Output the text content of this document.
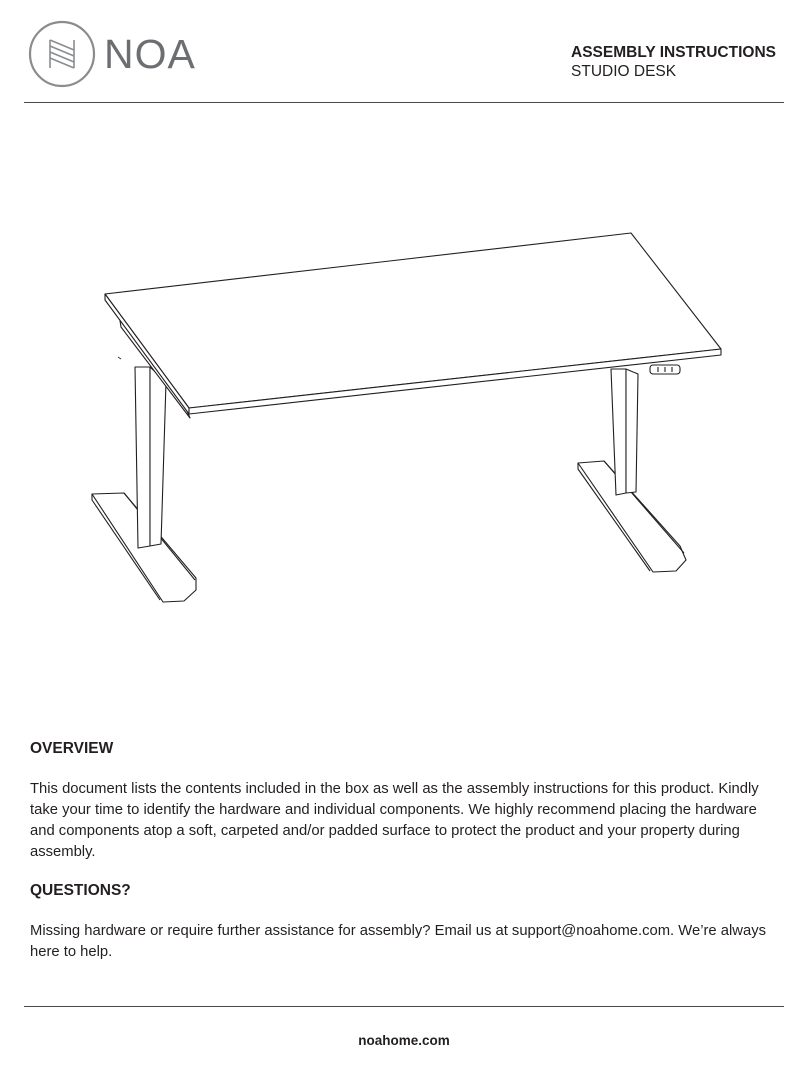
NOA	ASSEMBLY INSTRUCTIONS
STUDIO DESK
OVERVIEW

This document lists the contents included in the box as well as the assembly instructions for this product. Kindly take your time to identify the hardware and individual components. We highly recommend placing the hardware and components atop a soft, carpeted and/or padded surface to protect the product and your property during assembly.

QUESTIONS?

Missing hardware or require further assistance for assembly? Email us at support@noahome.com. We’re always here to help.

noahome.com
